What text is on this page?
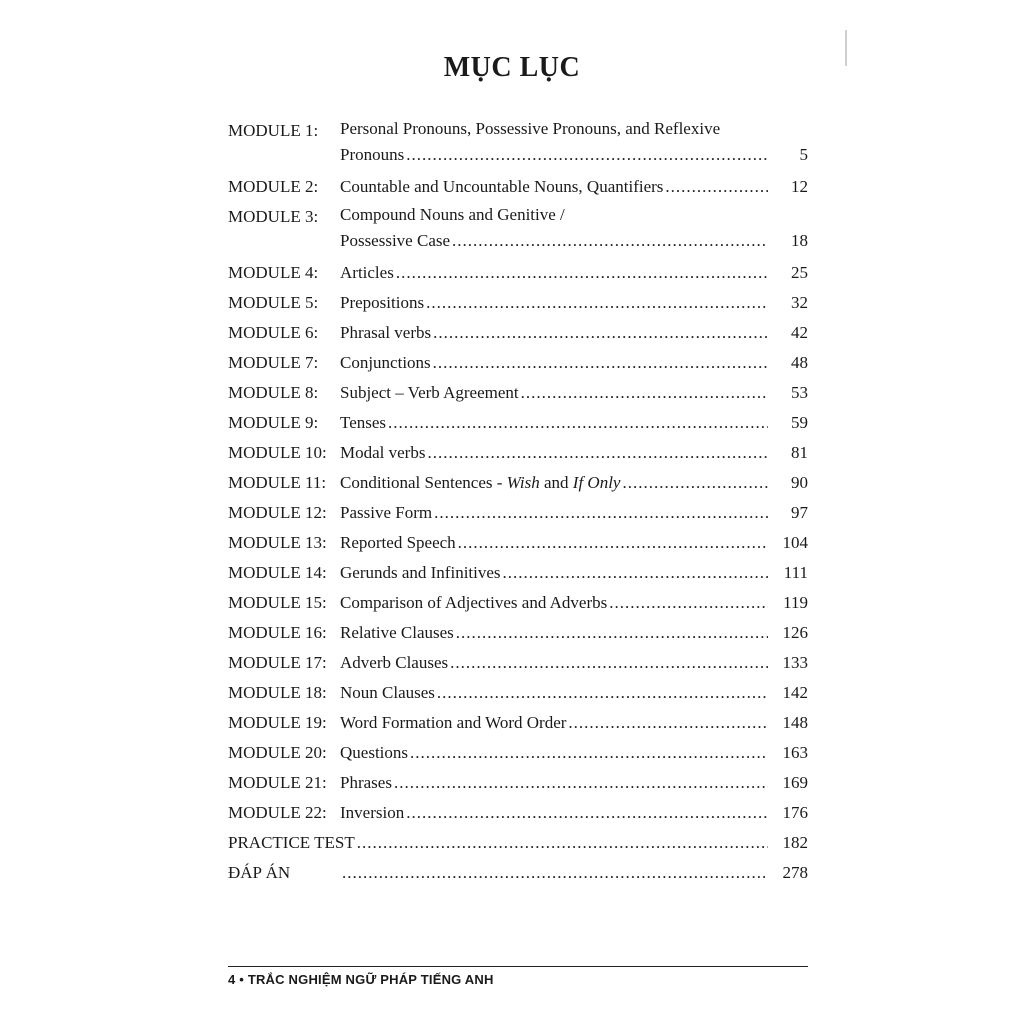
MỤC LỤC
MODULE 1: Personal Pronouns, Possessive Pronouns, and Reflexive
Pronouns .....	5
MODULE 2: Countable and Uncountable Nouns, Quantifiers .....	12
MODULE 3: Compound Nouns and Genitive /
Possessive Case .....	18
MODULE 4: Articles .....	25
MODULE 5: Prepositions .....	32
MODULE 6: Phrasal verbs .....	42
MODULE 7: Conjunctions .....	48
MODULE 8: Subject – Verb Agreement .....	53
MODULE 9: Tenses .....	59
MODULE 10: Modal verbs .....	81
MODULE 11: Conditional Sentences - Wish and If Only .....	90
MODULE 12: Passive Form .....	97
MODULE 13: Reported Speech .....	104
MODULE 14: Gerunds and Infinitives .....	111
MODULE 15: Comparison of Adjectives and Adverbs .....	119
MODULE 16: Relative Clauses .....	126
MODULE 17: Adverb Clauses .....	133
MODULE 18: Noun Clauses .....	142
MODULE 19: Word Formation and Word Order .....	148
MODULE 20: Questions .....	163
MODULE 21: Phrases .....	169
MODULE 22: Inversion .....	176
PRACTICE TEST .....	182
ĐÁP ÁN .....	278
4 • TRẮC NGHIỆM NGỮ PHÁP TIẾNG ANH
